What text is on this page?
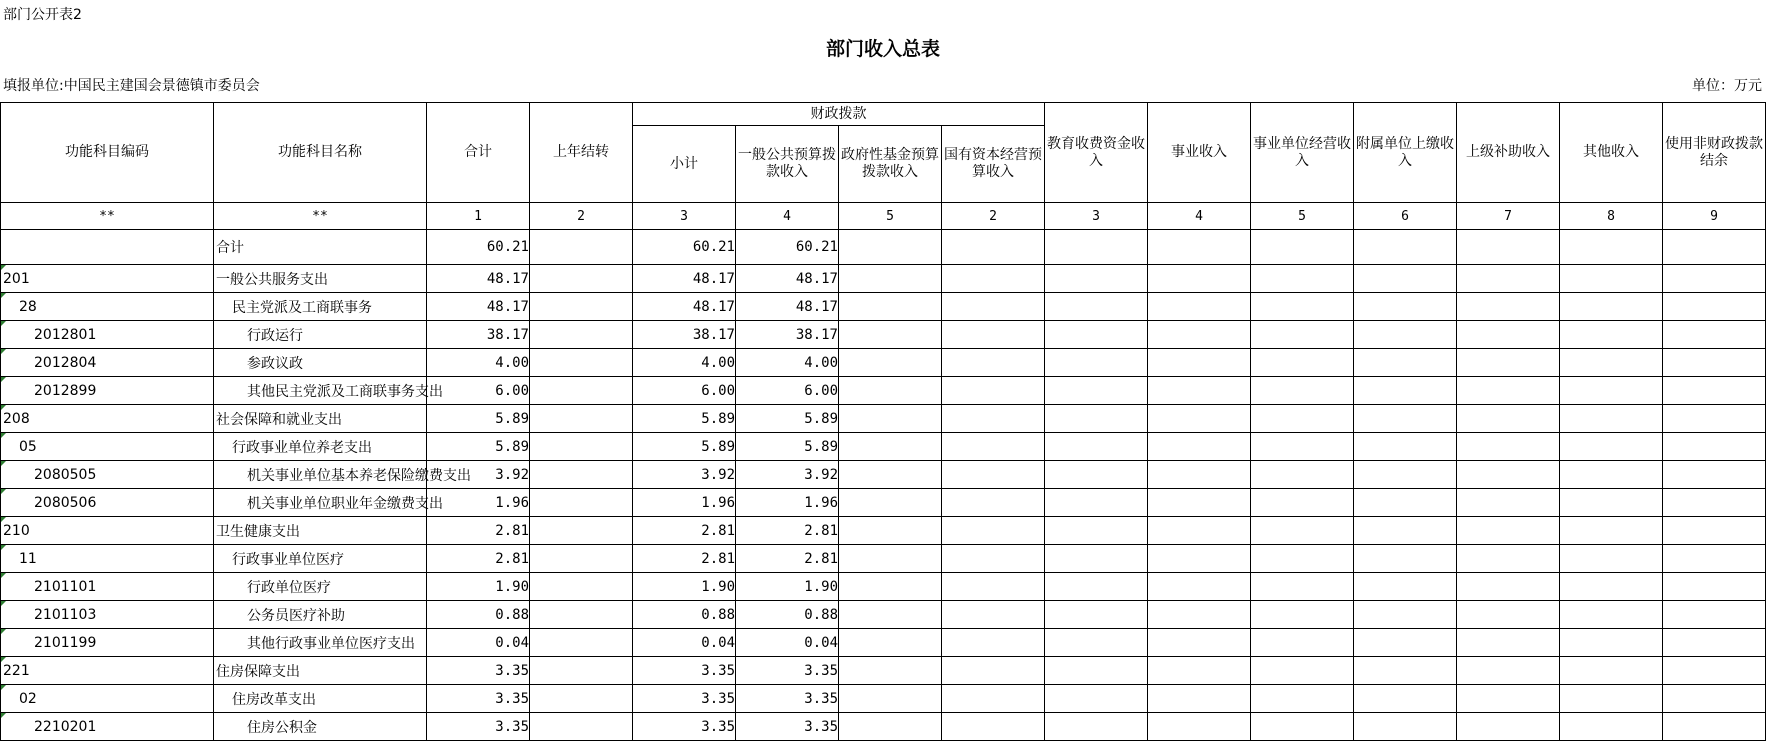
部门公开表2
部门收入总表
填报单位:中国民主建国会景德镇市委员会	单位：万元
功能科目编码	功能科目名称	合计	上年结转	财政拨款				教育收费资金收入	事业收入	事业单位经营收入	附属单位上缴收入	上级补助收入	其他收入	使用非财政拨款结余
				小计	一般公共预算拨款收入	政府性基金预算拨款收入	国有资本经营预算收入							
**	**	1	2	3	4	5	2	3	4	5	6	7	8	9
	合计	60.21		60.21	60.21									
201	一般公共服务支出	48.17		48.17	48.17									
28	民主党派及工商联事务	48.17		48.17	48.17									
2012801	行政运行	38.17		38.17	38.17									
2012804	参政议政	4.00		4.00	4.00									
2012899	其他民主党派及工商联事务支出	6.00		6.00	6.00									
208	社会保障和就业支出	5.89		5.89	5.89									
05	行政事业单位养老支出	5.89		5.89	5.89									
2080505	机关事业单位基本养老保险缴费支出	3.92		3.92	3.92									
2080506	机关事业单位职业年金缴费支出	1.96		1.96	1.96									
210	卫生健康支出	2.81		2.81	2.81									
11	行政事业单位医疗	2.81		2.81	2.81									
2101101	行政单位医疗	1.90		1.90	1.90									
2101103	公务员医疗补助	0.88		0.88	0.88									
2101199	其他行政事业单位医疗支出	0.04		0.04	0.04									
221	住房保障支出	3.35		3.35	3.35									
02	住房改革支出	3.35		3.35	3.35									
2210201	住房公积金	3.35		3.35	3.35									
